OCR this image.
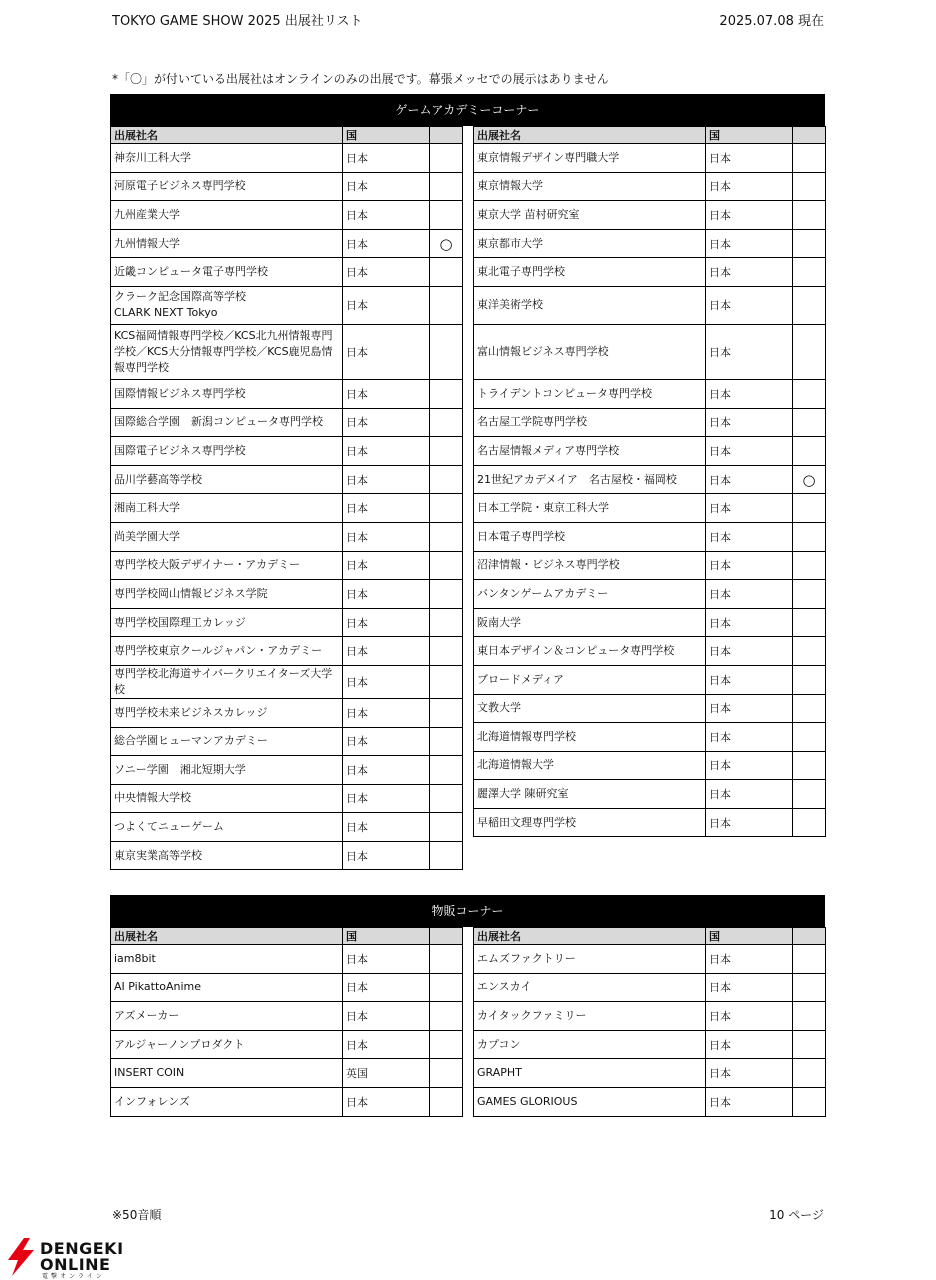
TOKYO GAME SHOW 2025 出展社リスト	2025.07.08 現在
*「〇」が付いている出展社はオンラインのみの出展です。幕張メッセでの展示はありません
ゲームアカデミーコーナー
出展社名	国	
神奈川工科大学	日本	
河原電子ビジネス専門学校	日本	
九州産業大学	日本	
九州情報大学	日本	○
近畿コンピュータ電子専門学校	日本	
クラーク記念国際高等学校
CLARK NEXT Tokyo	日本	
KCS福岡情報専門学校／KCS北九州情報専門学校／KCS大分情報専門学校／KCS鹿児島情報専門学校	日本	
国際情報ビジネス専門学校	日本	
国際総合学園　新潟コンピュータ専門学校	日本	
国際電子ビジネス専門学校	日本	
品川学藝高等学校	日本	
湘南工科大学	日本	
尚美学園大学	日本	
専門学校大阪デザイナー・アカデミー	日本	
専門学校岡山情報ビジネス学院	日本	
専門学校国際理工カレッジ	日本	
専門学校東京クールジャパン・アカデミー	日本	
専門学校北海道サイバークリエイターズ大学校	日本	
専門学校未来ビジネスカレッジ	日本	
総合学園ヒューマンアカデミー	日本	
ソニー学園　湘北短期大学	日本	
中央情報大学校	日本	
つよくてニューゲーム	日本	
東京実業高等学校	日本	
出展社名	国	
東京情報デザイン専門職大学	日本	
東京情報大学	日本	
東京大学 苗村研究室	日本	
東京都市大学	日本	
東北電子専門学校	日本	
東洋美術学校	日本	
富山情報ビジネス専門学校	日本	
トライデントコンピュータ専門学校	日本	
名古屋工学院専門学校	日本	
名古屋情報メディア専門学校	日本	
21世紀アカデメイア　名古屋校・福岡校	日本	○
日本工学院・東京工科大学	日本	
日本電子専門学校	日本	
沼津情報・ビジネス専門学校	日本	
バンタンゲームアカデミー	日本	
阪南大学	日本	
東日本デザイン＆コンピュータ専門学校	日本	
ブロードメディア	日本	
文教大学	日本	
北海道情報専門学校	日本	
北海道情報大学	日本	
麗澤大学 陳研究室	日本	
早稲田文理専門学校	日本	
物販コーナー
出展社名	国	
iam8bit	日本	
AI PikattoAnime	日本	
アズメーカー	日本	
アルジャーノンプロダクト	日本	
INSERT COIN	英国	
インフォレンズ	日本	
出展社名	国	
エムズファクトリー	日本	
エンスカイ	日本	
カイタックファミリー	日本	
カプコン	日本	
GRAPHT	日本	
GAMES GLORIOUS	日本	
※50音順	10 ページ
DENGEKI
ONLINE
電撃オンライン
